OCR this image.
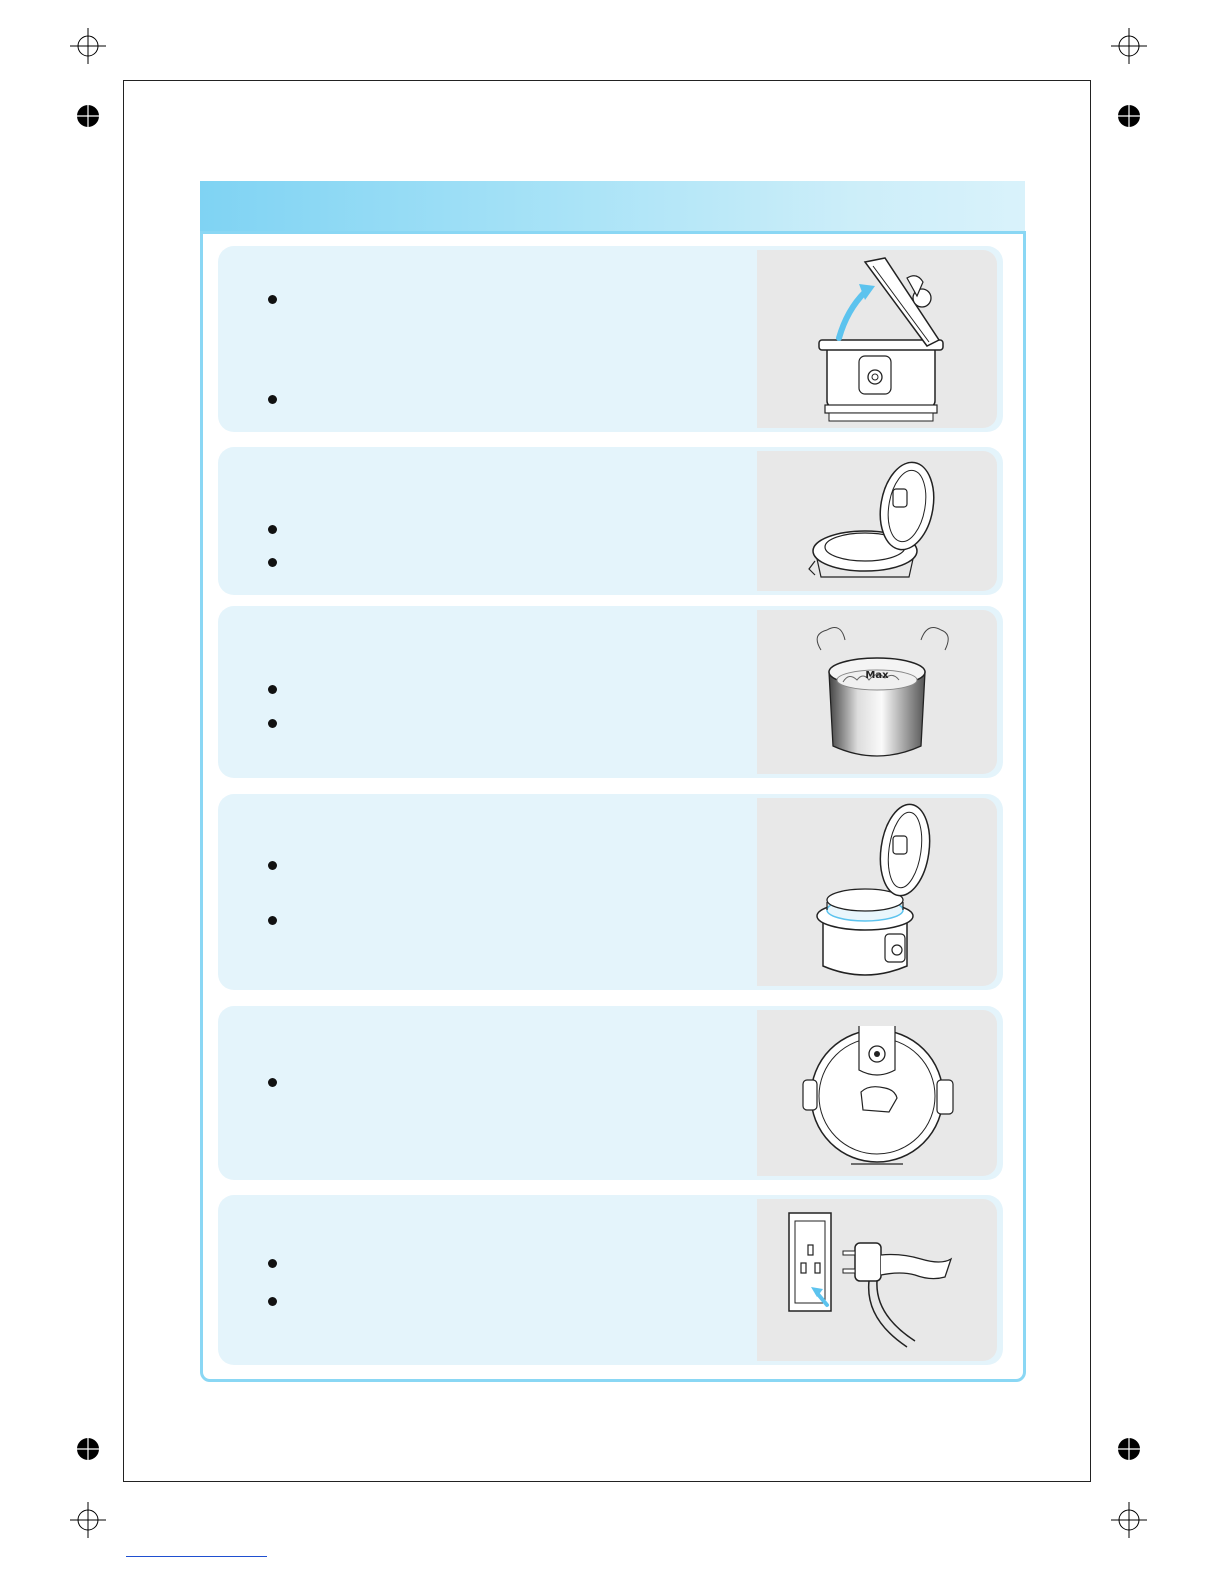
Max
